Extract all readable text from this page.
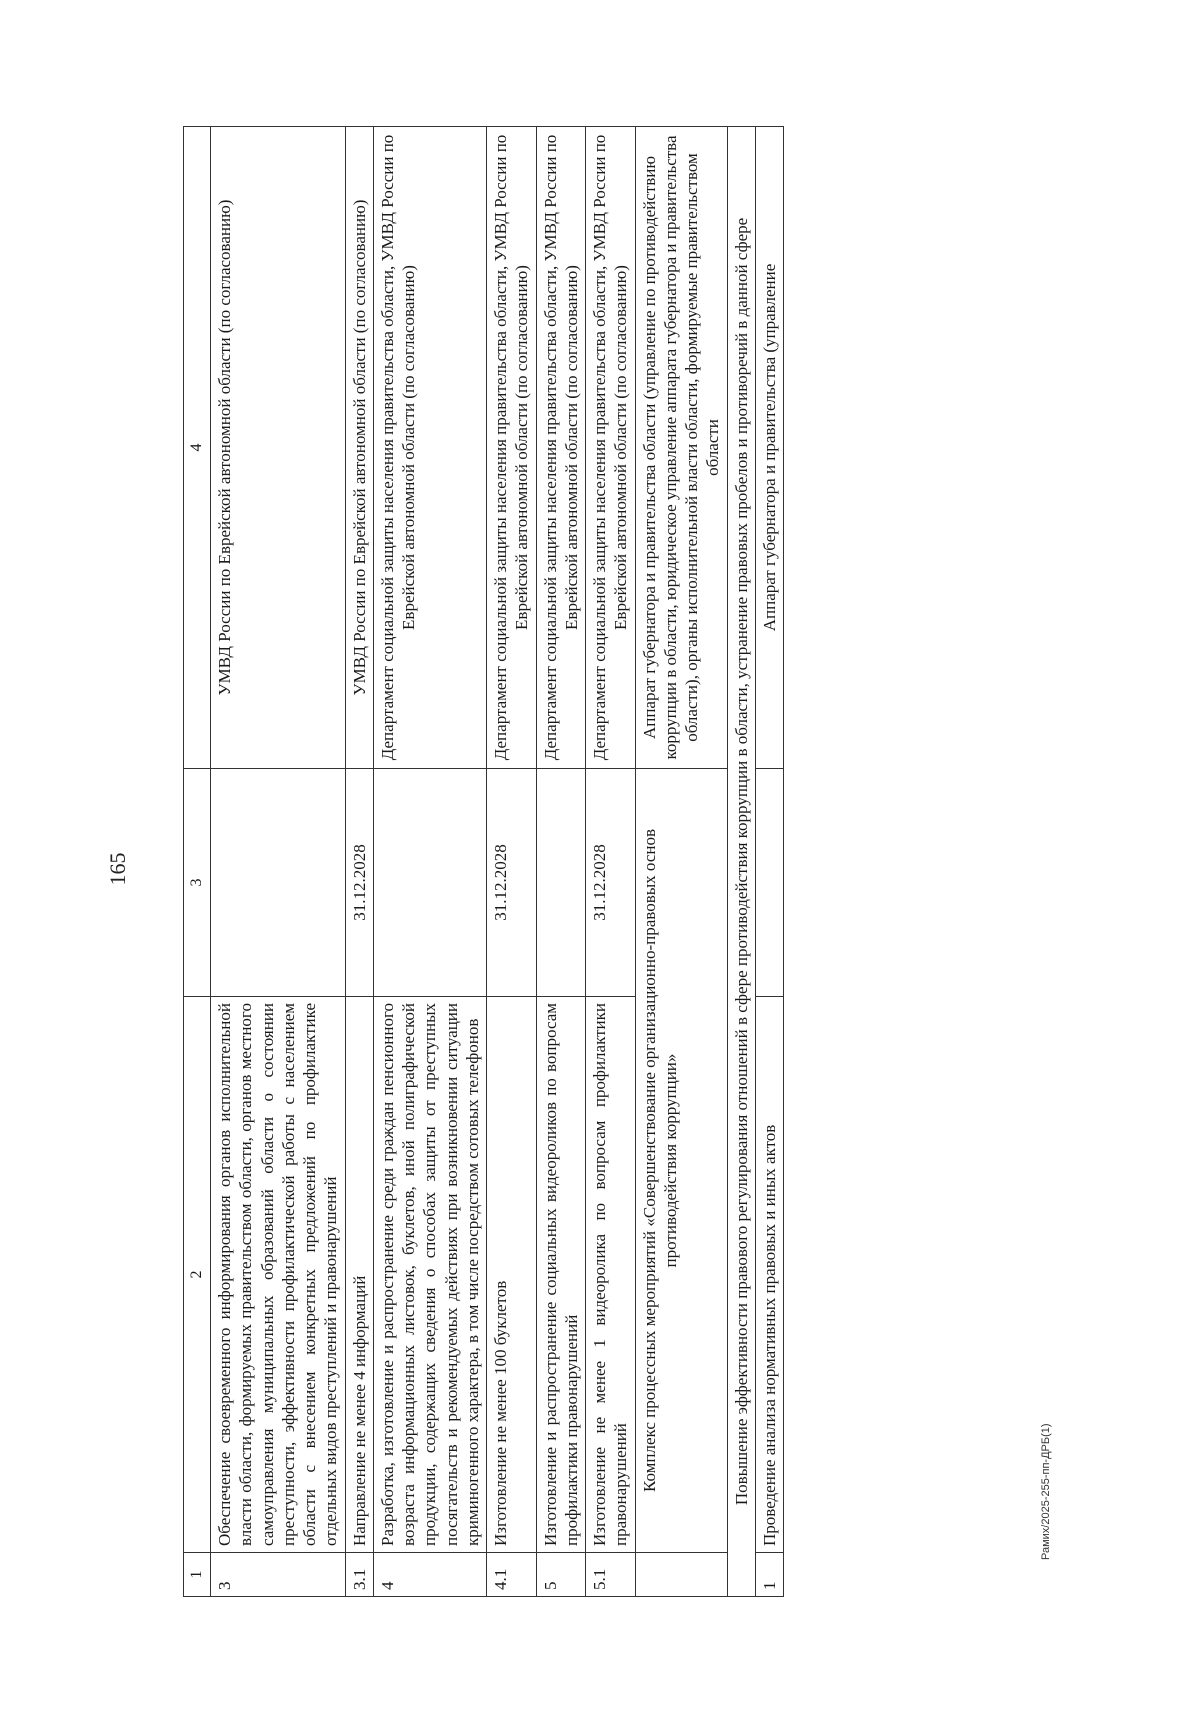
165
1	2	3	4
3	Обеспечение своевременного информирования органов исполнительной власти области, формируемых правительством области, органов местного самоуправления муниципальных образований области о состоянии преступности, эффективности профилактической работы с населением области с внесением конкретных предложений по профилактике отдельных видов преступлений и правонарушений		УМВД России по Еврейской автономной области (по согласованию)
3.1	Направление не менее 4 информаций	31.12.2028	УМВД России по Еврейской автономной области (по согласованию)
4	Разработка, изготовление и распространение среди граждан пенсионного возраста информационных листовок, буклетов, иной полиграфической продукции, содержащих сведения о способах защиты от преступных посягательств и рекомендуемых действиях при возникновении ситуации криминогенного характера, в том числе посредством сотовых телефонов		Департамент социальной защиты населения правительства области, УМВД России по Еврейской автономной области (по согласованию)
4.1	Изготовление не менее 100 буклетов	31.12.2028	Департамент социальной защиты населения правительства области, УМВД России по Еврейской автономной области (по согласованию)
5	Изготовление и распространение социальных видеороликов по вопросам профилактики правонарушений		Департамент социальной защиты населения правительства области, УМВД России по Еврейской автономной области (по согласованию)
5.1	Изготовление не менее 1 видеоролика по вопросам профилактики правонарушений	31.12.2028	Департамент социальной защиты населения правительства области, УМВД России по Еврейской автономной области (по согласованию)
	Комплекс процессных мероприятий «Совершенствование организационно-правовых основ противодействия коррупции»		Аппарат губернатора и правительства области (управление по противодействию коррупции в области, юридическое управление аппарата губернатора и правительства области), органы исполнительной власти области, формируемые правительством области
Повышение эффективности правового регулирования отношений в сфере противодействия коррупции в области, устранение правовых пробелов и противоречий в данной сфере			
1	Проведение анализа нормативных правовых и иных актов		Аппарат губернатора и правительства (управление
Рамих/2025-255-пп-ДРБ(1)
